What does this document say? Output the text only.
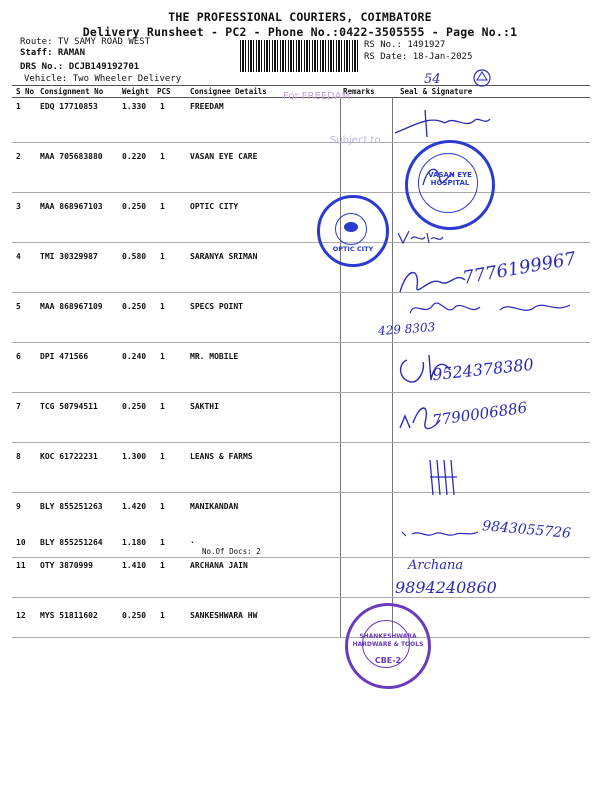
THE PROFESSIONAL COURIERS, COIMBATORE
Delivery Runsheet - PC2 - Phone No.:0422-3505555 - Page No.:1
Route: TV SAMY ROAD WEST
Staff: RAMAN
DRS No.: DCJB149192701
Vehicle: Two Wheeler Delivery
RS No.: 1491927
RS Date: 18-Jan-2025
S No Consignment No	Weight PCS	Consignee Details	Remarks	Seal & Signature
1 EDQ 17710853	1.330 1	FREEDAM
2 MAA 705683880 0.220 1	VASAN EYE CARE
3 MAA 868967103 0.250 1	OPTIC CITY
4 TMI 30329987	0.580 1	SARANYA SRIMAN
5 MAA 868967109 0.250 1	SPECS POINT
6 DPI 471566	0.240 1	MR. MOBILE
7 TCG 50794511	0.250 1	SAKTHI
8 KOC 61722231	1.300 1	LEANS & FARMS
9 BLY 855251263 1.420 1	MANIKANDAN
10 BLY 855251264 1.180 1	.
No.Of Docs: 2
11 OTY 3870999	1.410 1	ARCHANA JAIN
12 MYS 51811602	0.250 1	SANKESHWARA HW
For FREEDAM
Subject to
54
VASAN EYE HOSPITAL
OPTIC CITY	7776199967
429 8303
9524378380
7790006886
9843055726
Archana
9894240860
SHANKESHWARA HARDWARE & TOOLS
CBE-2
